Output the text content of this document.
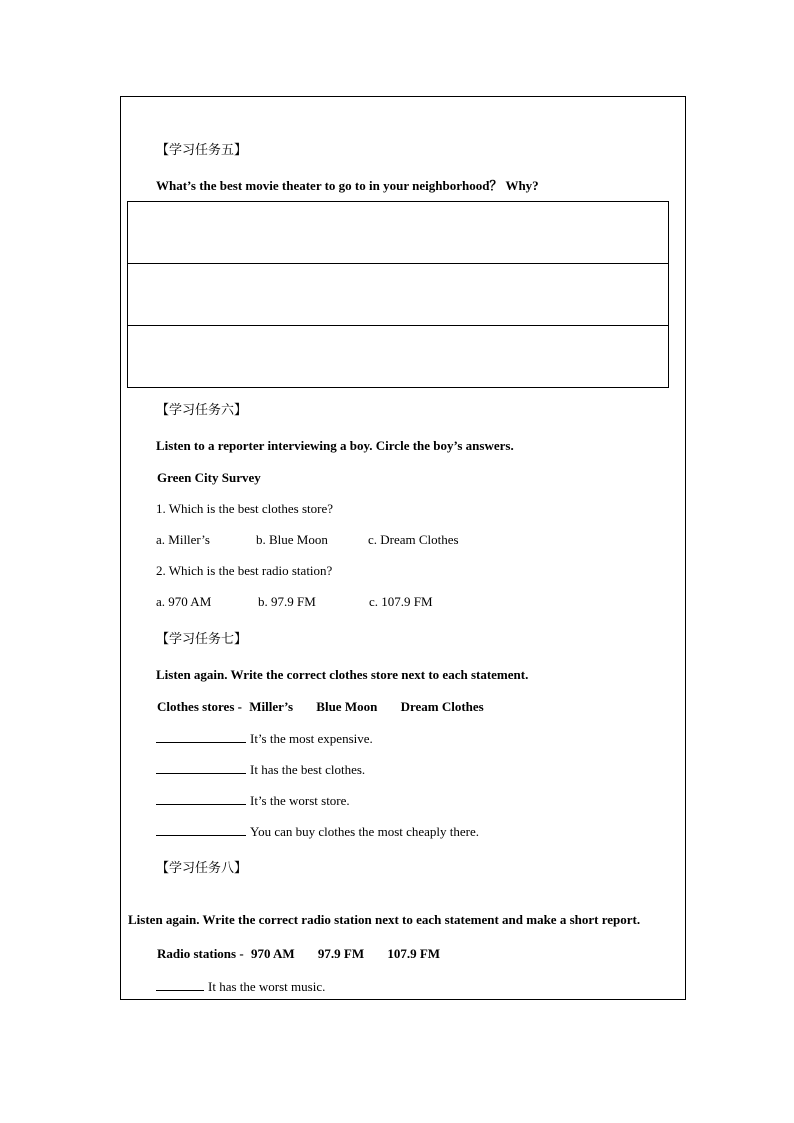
【学习任务五】
What’s the best movie theater to go to in your neighborhood？ Why?
【学习任务六】
Listen to a reporter interviewing a boy. Circle the boy’s answers.
Green City Survey
1. Which is the best clothes store?
a. Miller’s	b. Blue Moon	c. Dream Clothes
2. Which is the best radio station?
a. 970 AM	b. 97.9 FM	c. 107.9 FM
【学习任务七】
Listen again. Write the correct clothes store next to each statement.
Clothes stores - Miller’s Blue Moon Dream Clothes
It’s the most expensive.
It has the best clothes.
It’s the worst store.
You can buy clothes the most cheaply there.
【学习任务八】
Listen again. Write the correct radio station next to each statement and make a short report.
Radio stations - 970 AM 97.9 FM 107.9 FM
It has the worst music.
